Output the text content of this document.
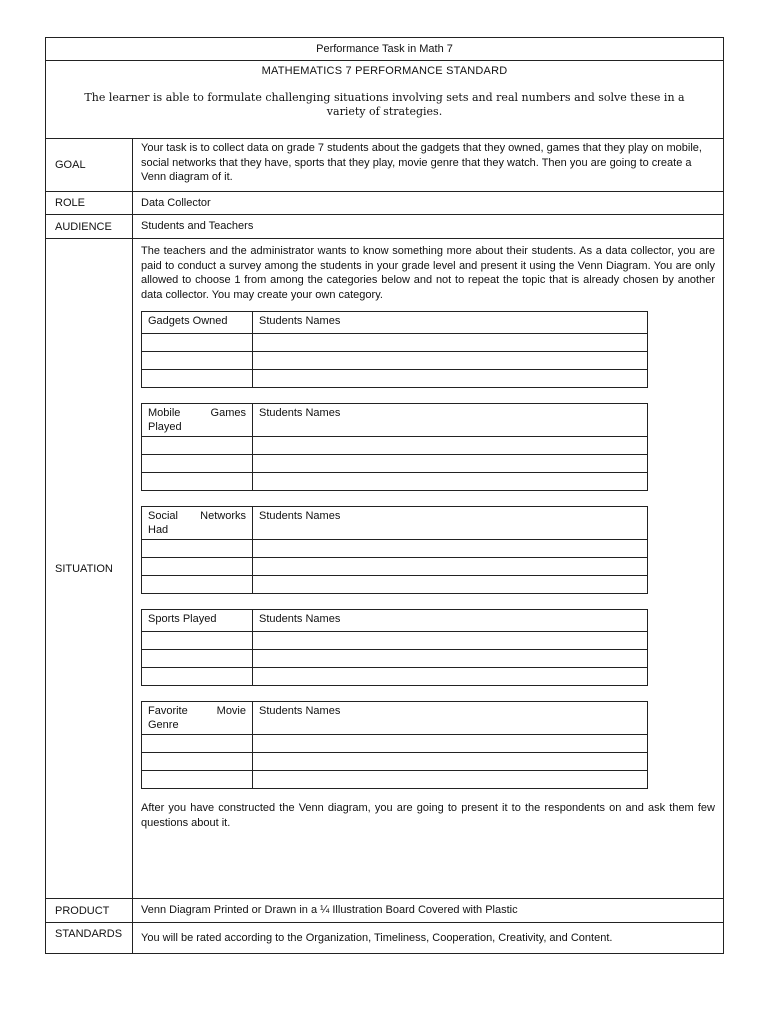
Performance Task in Math 7
MATHEMATICS 7 PERFORMANCE STANDARD
The learner is able to formulate challenging situations involving sets and real numbers and solve these in a variety of strategies.
GOAL
Your task is to collect data on grade 7 students about the gadgets that they owned, games that they play on mobile, social networks that they have, sports that they play, movie genre that they watch. Then you are going to create a Venn diagram of it.
ROLE	Data Collector
AUDIENCE	Students and Teachers
SITUATION
The teachers and the administrator wants to know something more about their students. As a data collector, you are paid to conduct a survey among the students in your grade level and present it using the Venn Diagram. You are only allowed to choose 1 from among the categories below and not to repeat the topic that is already chosen by another data collector. You may create your own category.
Gadgets Owned	Students Names

Mobile Games
Played	Students Names

Social Networks
Had	Students Names

Sports Played	Students Names

Favorite Movie
Genre	Students Names

After you have constructed the Venn diagram, you are going to present it to the respondents on and ask them few questions about it.
PRODUCT	Venn Diagram Printed or Drawn in a ¼ Illustration Board Covered with Plastic
STANDARDS	You will be rated according to the Organization, Timeliness, Cooperation, Creativity, and Content.
